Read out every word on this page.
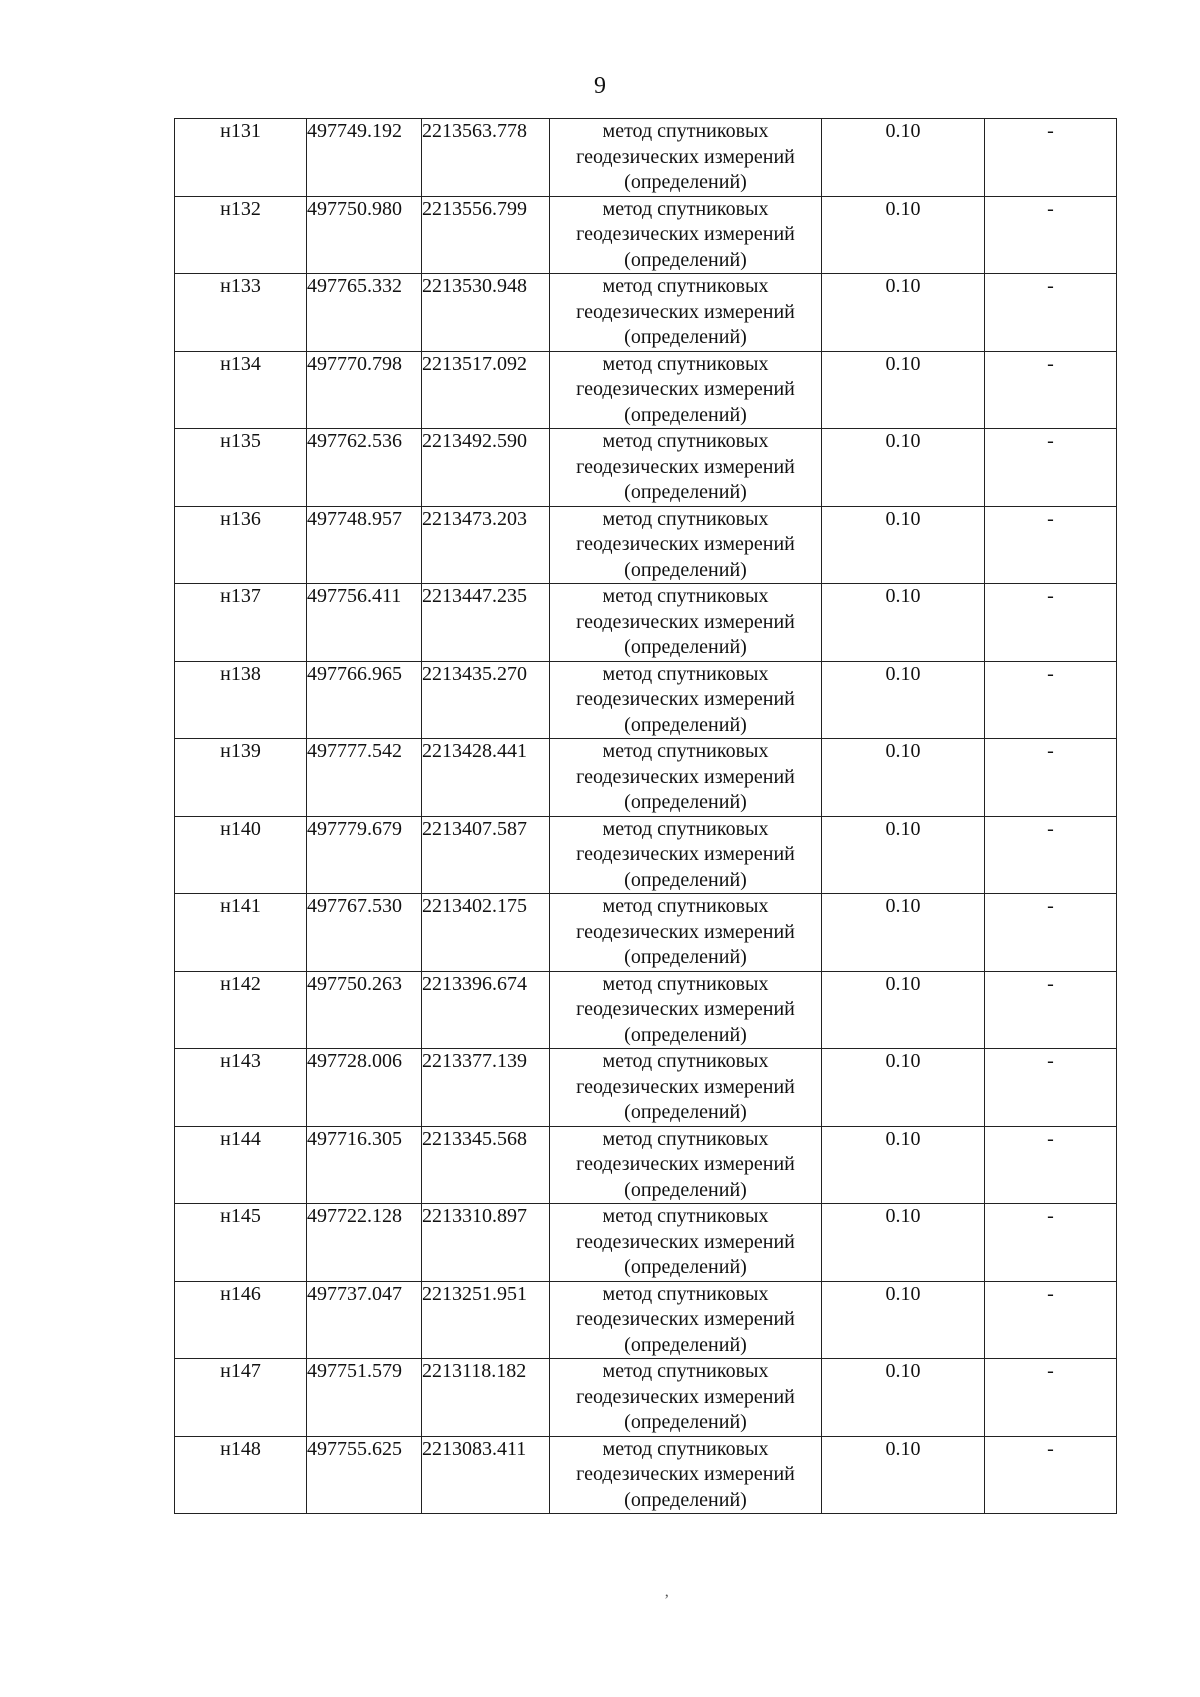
9
н131	497749.192	2213563.778	метод спутниковых
геодезических измерений
(определений)	0.10	-
н132	497750.980	2213556.799	метод спутниковых
геодезических измерений
(определений)	0.10	-
н133	497765.332	2213530.948	метод спутниковых
геодезических измерений
(определений)	0.10	-
н134	497770.798	2213517.092	метод спутниковых
геодезических измерений
(определений)	0.10	-
н135	497762.536	2213492.590	метод спутниковых
геодезических измерений
(определений)	0.10	-
н136	497748.957	2213473.203	метод спутниковых
геодезических измерений
(определений)	0.10	-
н137	497756.411	2213447.235	метод спутниковых
геодезических измерений
(определений)	0.10	-
н138	497766.965	2213435.270	метод спутниковых
геодезических измерений
(определений)	0.10	-
н139	497777.542	2213428.441	метод спутниковых
геодезических измерений
(определений)	0.10	-
н140	497779.679	2213407.587	метод спутниковых
геодезических измерений
(определений)	0.10	-
н141	497767.530	2213402.175	метод спутниковых
геодезических измерений
(определений)	0.10	-
н142	497750.263	2213396.674	метод спутниковых
геодезических измерений
(определений)	0.10	-
н143	497728.006	2213377.139	метод спутниковых
геодезических измерений
(определений)	0.10	-
н144	497716.305	2213345.568	метод спутниковых
геодезических измерений
(определений)	0.10	-
н145	497722.128	2213310.897	метод спутниковых
геодезических измерений
(определений)	0.10	-
н146	497737.047	2213251.951	метод спутниковых
геодезических измерений
(определений)	0.10	-
н147	497751.579	2213118.182	метод спутниковых
геодезических измерений
(определений)	0.10	-
н148	497755.625	2213083.411	метод спутниковых
геодезических измерений
(определений)	0.10	-
’
